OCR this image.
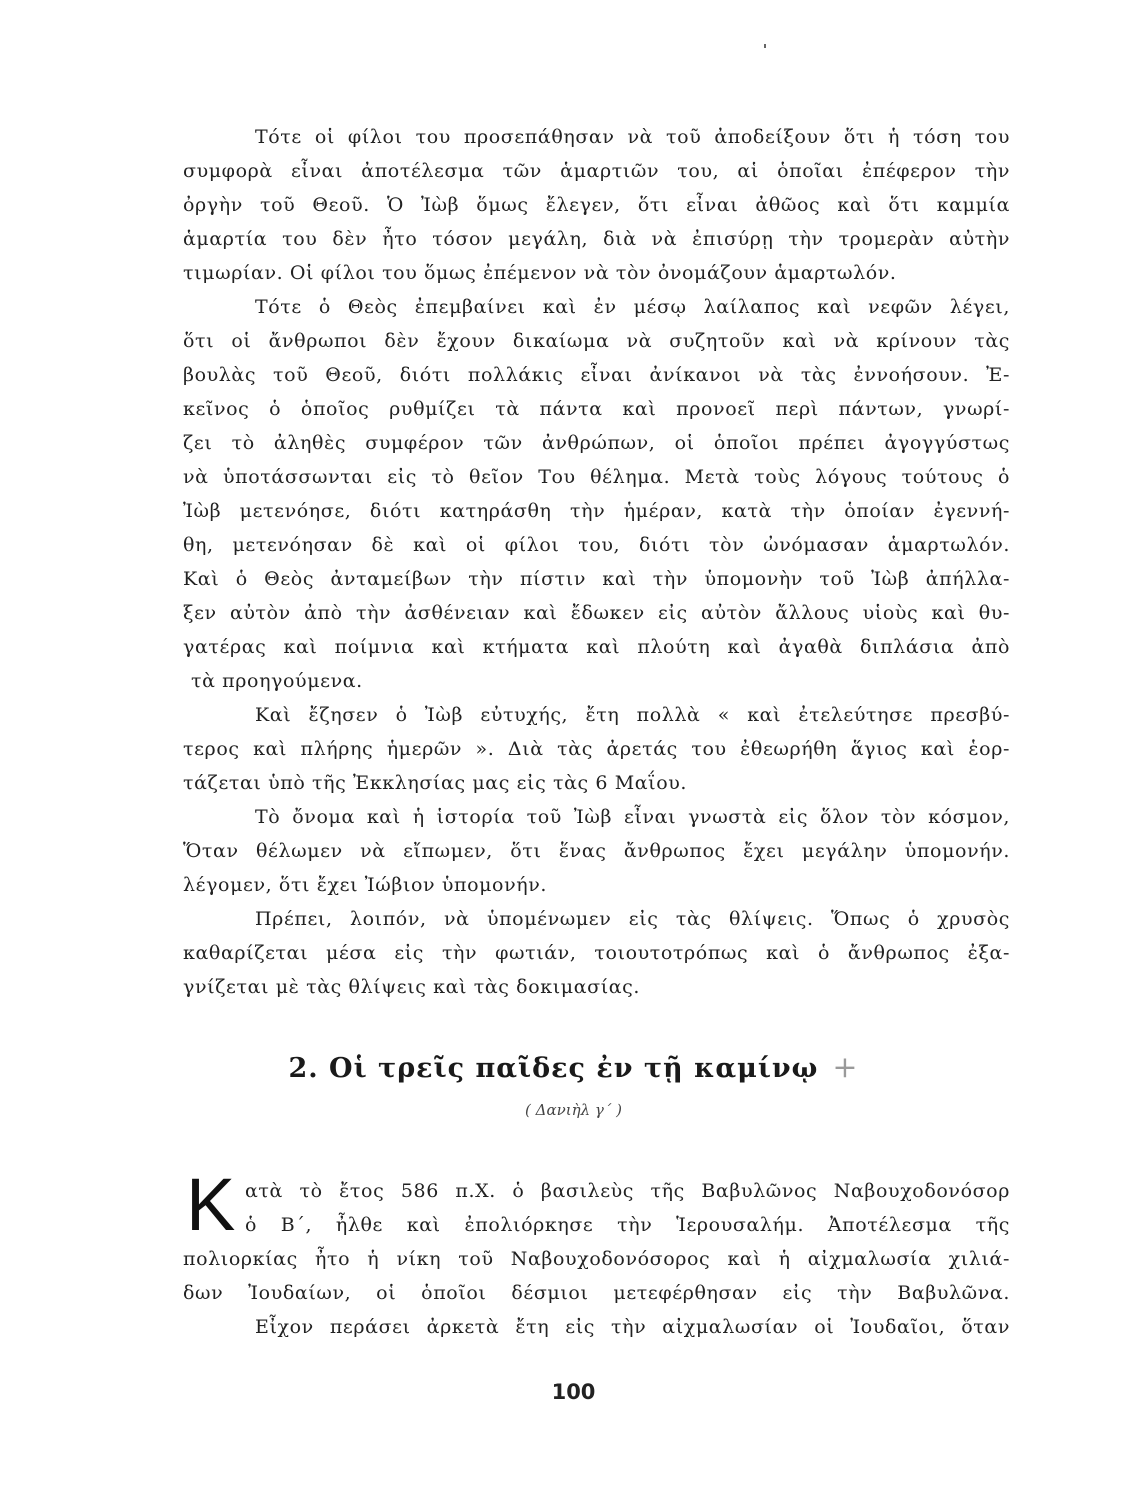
Τότε οἱ φίλοι του προσεπάθησαν νὰ τοῦ ἀποδείξουν ὅτι ἡ τόση του
συμφορὰ εἶναι ἀποτέλεσμα τῶν ἁμαρτιῶν του, αἱ ὁποῖαι ἐπέφερον τὴν
ὀργὴν τοῦ Θεοῦ. Ὁ Ἰὼβ ὅμως ἔλεγεν, ὅτι εἶναι ἀθῶος καὶ ὅτι καμμία
ἁμαρτία του δὲν ἦτο τόσον μεγάλη, διὰ νὰ ἐπισύρῃ τὴν τρομερὰν αὐτὴν
τιμωρίαν. Οἱ φίλοι του ὅμως ἐπέμενον νὰ τὸν ὀνομάζουν ἁμαρτωλόν.
Τότε ὁ Θεὸς ἐπεμβαίνει καὶ ἐν μέσῳ λαίλαπος καὶ νεφῶν λέγει,
ὅτι οἱ ἄνθρωποι δὲν ἔχουν δικαίωμα νὰ συζητοῦν καὶ νὰ κρίνουν τὰς
βουλὰς τοῦ Θεοῦ, διότι πολλάκις εἶναι ἀνίκανοι νὰ τὰς ἐννοήσουν. Ἐ-
κεῖνος ὁ ὁποῖος ρυθμίζει τὰ πάντα καὶ προνοεῖ περὶ πάντων, γνωρί-
ζει τὸ ἀληθὲς συμφέρον τῶν ἀνθρώπων, οἱ ὁποῖοι πρέπει ἀγογγύστως
νὰ ὑποτάσσωνται εἰς τὸ θεῖον Του θέλημα. Μετὰ τοὺς λόγους τούτους ὁ
Ἰὼβ μετενόησε, διότι κατηράσθη τὴν ἡμέραν, κατὰ τὴν ὁποίαν ἐγεννή-
θη, μετενόησαν δὲ καὶ οἱ φίλοι του, διότι τὸν ὠνόμασαν ἁμαρτωλόν.
Καὶ ὁ Θεὸς ἀνταμείβων τὴν πίστιν καὶ τὴν ὑπομονὴν τοῦ Ἰὼβ ἀπήλλα-
ξεν αὐτὸν ἀπὸ τὴν ἀσθένειαν καὶ ἔδωκεν εἰς αὐτὸν ἄλλους υἱοὺς καὶ θυ-
γατέρας καὶ ποίμνια καὶ κτήματα καὶ πλούτη καὶ ἀγαθὰ διπλάσια ἀπὸ
τὰ προηγούμενα.
Καὶ ἔζησεν ὁ Ἰὼβ εὐτυχής, ἔτη πολλὰ « καὶ ἐτελεύτησε πρεσβύ-
τερος καὶ πλήρης ἡμερῶν ». Διὰ τὰς ἀρετάς του ἐθεωρήθη ἅγιος καὶ ἑορ-
τάζεται ὑπὸ τῆς Ἐκκλησίας μας εἰς τὰς 6 Μαΐου.
Τὸ ὄνομα καὶ ἡ ἱστορία τοῦ Ἰὼβ εἶναι γνωστὰ εἰς ὅλον τὸν κόσμον,
Ὅταν θέλωμεν νὰ εἴπωμεν, ὅτι ἕνας ἄνθρωπος ἔχει μεγάλην ὑπομονήν.
λέγομεν, ὅτι ἔχει Ἰώβιον ὑπομονήν.
Πρέπει, λοιπόν, νὰ ὑπομένωμεν εἰς τὰς θλίψεις. Ὅπως ὁ χρυσὸς
καθαρίζεται μέσα εἰς τὴν φωτιάν, τοιουτοτρόπως καὶ ὁ ἄνθρωπος ἐξα-
γνίζεται μὲ τὰς θλίψεις καὶ τὰς δοκιμασίας.
2. Οἱ τρεῖς παῖδες ἐν τῇ καμίνῳ +
( Δανιὴλ γ΄ )
Κ ατὰ τὸ ἔτος 586 π.Χ. ὁ βασιλεὺς τῆς Βαβυλῶνος Ναβουχοδονόσορ
ὁ Β΄, ἦλθε καὶ ἐπολιόρκησε τὴν Ἱερουσαλήμ. Ἀποτέλεσμα τῆς
πολιορκίας ἦτο ἡ νίκη τοῦ Ναβουχοδονόσορος καὶ ἡ αἰχμαλωσία χιλιά-
δων Ἰουδαίων, οἱ ὁποῖοι δέσμιοι μετεφέρθησαν εἰς τὴν Βαβυλῶνα.
Εἶχον περάσει ἀρκετὰ ἔτη εἰς τὴν αἰχμαλωσίαν οἱ Ἰουδαῖοι, ὅταν
100
